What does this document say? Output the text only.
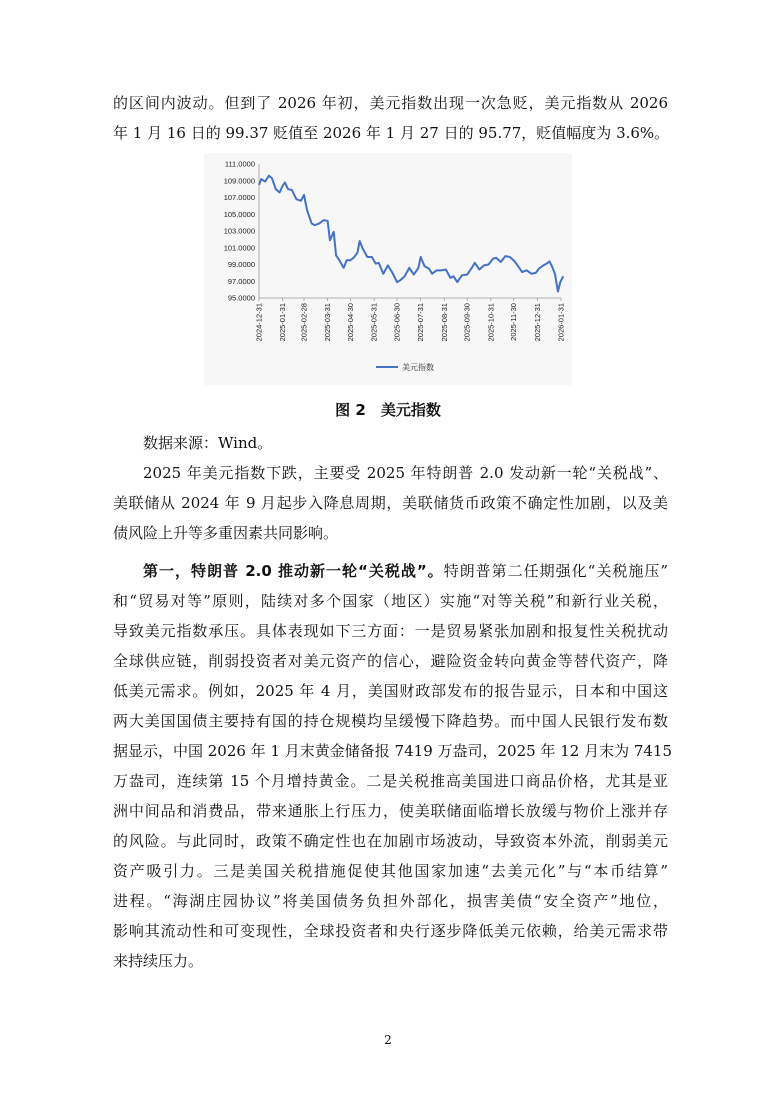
的区间内波动。但到了 2026 年初，美元指数出现一次急贬，美元指数从 2026
年 1 月 16 日的 99.37 贬值至 2026 年 1 月 27 日的 95.77，贬值幅度为 3.6%。
111.0000
109.0000
107.0000
105.0000
103.0000
101.0000
99.0000
97.0000
95.0000
2024-12-31 2025-01-31 2025-02-28 2025-03-31 2025-04-30 2025-05-31 2025-06-30 2025-07-31 2025-08-31 2025-09-30 2025-10-31 2025-11-30 2025-12-31 2026-01-31
美元指数
图 2　美元指数
数据来源：Wind。
2025 年美元指数下跌，主要受 2025 年特朗普 2.0 发动新一轮“关税战”、
美联储从 2024 年 9 月起步入降息周期，美联储货币政策不确定性加剧，以及美
债风险上升等多重因素共同影响。
第一，特朗普 2.0 推动新一轮“关税战”。特朗普第二任期强化“关税施压”
和“贸易对等”原则，陆续对多个国家（地区）实施“对等关税”和新行业关税，
导致美元指数承压。具体表现如下三方面：一是贸易紧张加剧和报复性关税扰动
全球供应链，削弱投资者对美元资产的信心，避险资金转向黄金等替代资产，降
低美元需求。例如，2025 年 4 月，美国财政部发布的报告显示，日本和中国这
两大美国国债主要持有国的持仓规模均呈缓慢下降趋势。而中国人民银行发布数
据显示，中国 2026 年 1 月末黄金储备报 7419 万盎司，2025 年 12 月末为 7415
万盎司，连续第 15 个月增持黄金。二是关税推高美国进口商品价格，尤其是亚
洲中间品和消费品，带来通胀上行压力，使美联储面临增长放缓与物价上涨并存
的风险。与此同时，政策不确定性也在加剧市场波动，导致资本外流，削弱美元
资产吸引力。三是美国关税措施促使其他国家加速“去美元化”与“本币结算”
进程。“海湖庄园协议”将美国债务负担外部化，损害美债“安全资产”地位，
影响其流动性和可变现性，全球投资者和央行逐步降低美元依赖，给美元需求带
来持续压力。
2
